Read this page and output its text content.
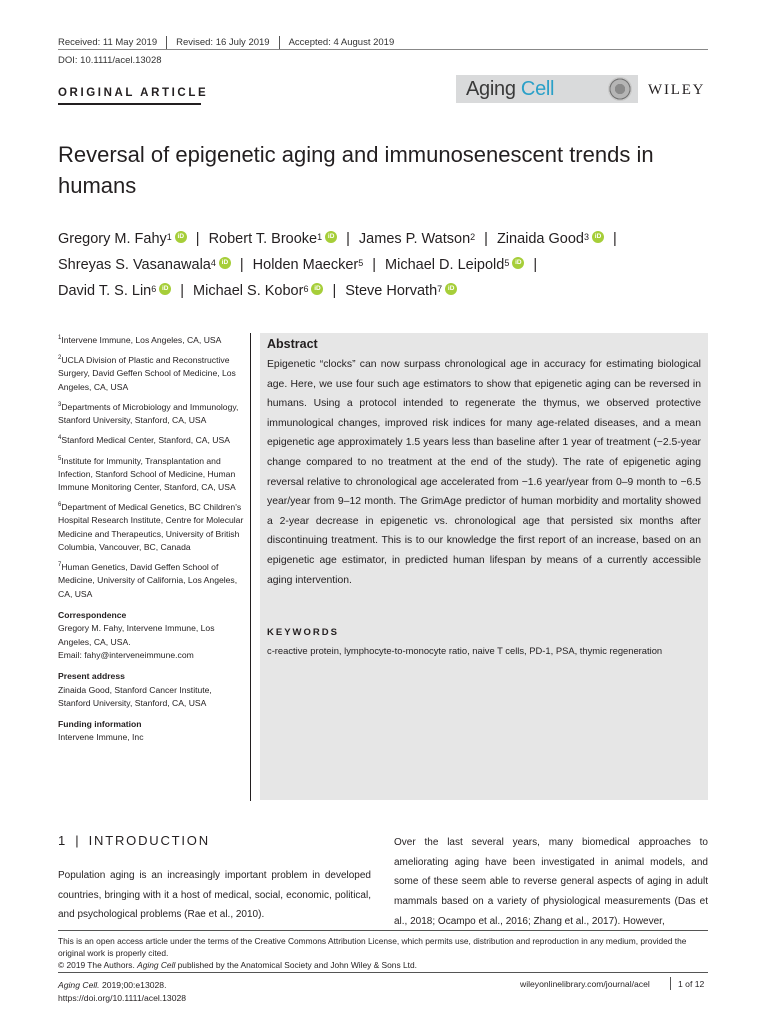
Received: 11 May 2019 Revised: 16 July 2019 Accepted: 4 August 2019
DOI: 10.1111/acel.13028
ORIGINAL ARTICLE	Aging Cell	WILEY
Reversal of epigenetic aging and immunosenescent trends in humans
Gregory M. Fahy$^1$ iD | Robert T. Brooke$^1$ iD | James P. Watson$^2$ | Zinaida Good$^3$ iD |
Shreyas S. Vasanawala$^4$ iD | Holden Maecker$^5$ | Michael D. Leipold$^5$ iD |
David T. S. Lin$^6$ iD | Michael S. Kobor$^6$ iD | Steve Horvath$^7$ iD

$^1$Intervene Immune, Los Angeles, CA, USA

$^2$UCLA Division of Plastic and Reconstructive Surgery, David Geffen School of Medicine, Los Angeles, CA, USA

$^3$Departments of Microbiology and Immunology, Stanford University, Stanford, CA, USA

$^4$Stanford Medical Center, Stanford, CA, USA

$^5$Institute for Immunity, Transplantation and Infection, Stanford School of Medicine, Human Immune Monitoring Center, Stanford, CA, USA

$^6$Department of Medical Genetics, BC Children's Hospital Research Institute, Centre for Molecular Medicine and Therapeutics, University of British Columbia, Vancouver, BC, Canada

$^7$Human Genetics, David Geffen School of Medicine, University of California, Los Angeles, CA, USA

Correspondence

Gregory M. Fahy, Intervene Immune, Los Angeles, CA, USA.

Email: fahy@interveneimmune.com

Present address

Zinaida Good, Stanford Cancer Institute, Stanford University, Stanford, CA, USA

Funding information

Intervene Immune, Inc

Abstract

Epigenetic “clocks” can now surpass chronological age in accuracy for estimating biological age. Here, we use four such age estimators to show that epigenetic aging can be reversed in humans. Using a protocol intended to regenerate the thymus, we observed protective immunological changes, improved risk indices for many age‑related diseases, and a mean epigenetic age approximately 1.5 years less than baseline after 1 year of treatment (−2.5‑year change compared to no treatment at the end of the study). The rate of epigenetic aging reversal relative to chronological age accelerated from −1.6 year/year from 0–9 month to −6.5 year/year from 9–12 month. The GrimAge predictor of human morbidity and mortality showed a 2‑year decrease in epigenetic vs. chronological age that persisted six months after discontinuing treatment. This is to our knowledge the first report of an increase, based on an epigenetic age estimator, in predicted human lifespan by means of a currently accessible aging intervention.

KEYWORDS

c‑reactive protein, lymphocyte‑to‑monocyte ratio, naive T cells, PD‑1, PSA, thymic regeneration

1 | INTRODUCTION

Population aging is an increasingly important problem in developed countries, bringing with it a host of medical, social, economic, political, and psychological problems (Rae et al., 2010).

Over the last several years, many biomedical approaches to ameliorating aging have been investigated in animal models, and some of these seem able to reverse general aspects of aging in adult mammals based on a variety of physiological measurements (Das et al., 2018; Ocampo et al., 2016; Zhang et al., 2017). However,

This is an open access article under the terms of the Creative Commons Attribution License, which permits use, distribution and reproduction in any medium, provided the original work is properly cited.
© 2019 The Authors. Aging Cell published by the Anatomical Society and John Wiley & Sons Ltd.
Aging Cell. 2019;00:e13028.
https://doi.org/10.1111/acel.13028
wileyonlinelibrary.com/journal/acel	1 of 12
